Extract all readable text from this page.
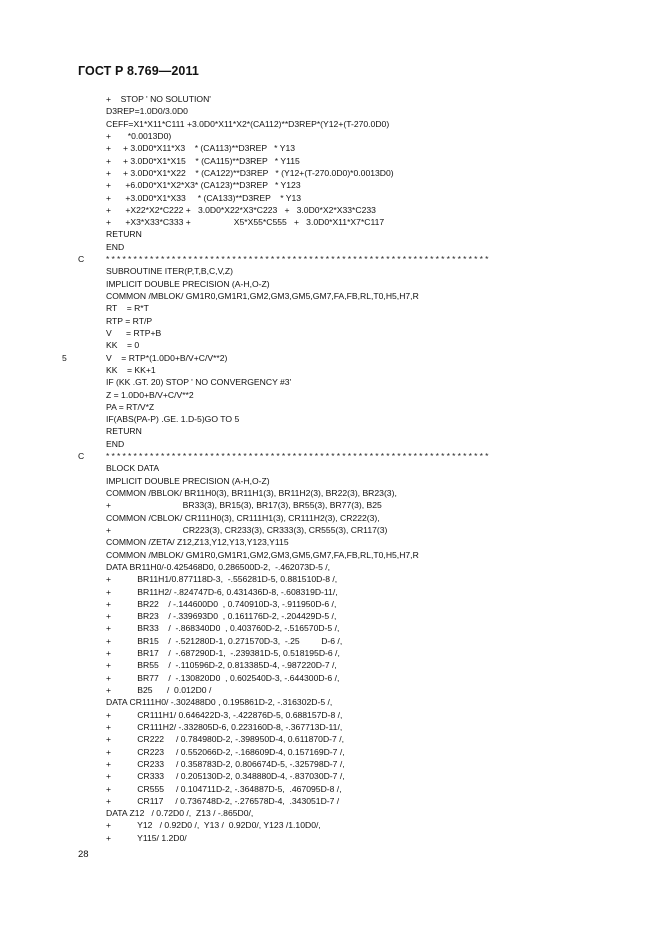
ГОСТ Р 8.769—2011
+    STOP ' NO SOLUTION'
D3REP=1.0D0/3.0D0
CEFF=X1*X11*C111 +3.0D0*X11*X2*(CA112)**D3REP*(Y12+(T-270.0D0)
+       *0.0013D0)
+     + 3.0D0*X11*X3    * (CA113)**D3REP   * Y13
+     + 3.0D0*X1*X15    * (CA115)**D3REP   * Y115
+     + 3.0D0*X1*X22    * (CA122)**D3REP   * (Y12+(T-270.0D0)*0.0013D0)
+      +6.0D0*X1*X2*X3* (CA123)**D3REP   * Y123
+      +3.0D0*X1*X33     * (CA133)**D3REP    * Y13
+      +X22*X2*C222 +   3.0D0*X22*X3*C223   +   3.0D0*X2*X33*C233
+      +X3*X33*C333 +                  X5*X55*C555   +   3.0D0*X11*X7*C117
RETURN
END
C	**********************************************************************
SUBROUTINE ITER(P,T,B,C,V,Z)
IMPLICIT DOUBLE PRECISION (A-H,O-Z)
COMMON /MBLOK/ GM1R0,GM1R1,GM2,GM3,GM5,GM7,FA,FB,RL,T0,H5,H7,R
RT    = R*T
RTP = RT/P
V      = RTP+B
KK    = 0
5	V    = RTP*(1.0D0+B/V+C/V**2)
KK    = KK+1
IF (KK .GT. 20) STOP ' NO CONVERGENCY #3'
Z = 1.0D0+B/V+C/V**2
PA = RT/V*Z
IF(ABS(PA-P) .GE. 1.D-5)GO TO 5
RETURN
END
C	**********************************************************************
BLOCK DATA
IMPLICIT DOUBLE PRECISION (A-H,O-Z)
COMMON /BBLOK/ BR11H0(3), BR11H1(3), BR11H2(3), BR22(3), BR23(3),
+                              BR33(3), BR15(3), BR17(3), BR55(3), BR77(3), B25
COMMON /CBLOK/ CR111H0(3), CR111H1(3), CR111H2(3), CR222(3),
+                              CR223(3), CR233(3), CR333(3), CR555(3), CR117(3)
COMMON /ZETA/ Z12,Z13,Y12,Y13,Y123,Y115
COMMON /MBLOK/ GM1R0,GM1R1,GM2,GM3,GM5,GM7,FA,FB,RL,T0,H5,H7,R
DATA BR11H0/-0.425468D0, 0.286500D-2,  -.462073D-5 /,
+           BR11H1/0.877118D-3,  -.556281D-5, 0.881510D-8 /,
+           BR11H2/ -.824747D-6, 0.431436D-8, -.608319D-11/,
+           BR22    / -.144600D0  , 0.740910D-3, -.911950D-6 /,
+           BR23    / -.339693D0  , 0.161176D-2, -.204429D-5 /,
+           BR33    /  -.868340D0  , 0.403760D-2, -.516570D-5 /,
+           BR15    /  -.521280D-1, 0.271570D-3,  -.25         D-6 /,
+           BR17    /  -.687290D-1,  -.239381D-5, 0.518195D-6 /,
+           BR55    /  -.110596D-2, 0.813385D-4, -.987220D-7 /,
+           BR77    /  -.130820D0  , 0.602540D-3, -.644300D-6 /,
+           B25      /  0.012D0 /
DATA CR111H0/ -.302488D0 , 0.195861D-2, -.316302D-5 /,
+           CR111H1/ 0.646422D-3, -.422876D-5, 0.688157D-8 /,
+           CR111H2/ -.332805D-6, 0.223160D-8, -.367713D-11/,
+           CR222     / 0.784980D-2, -.398950D-4, 0.611870D-7 /,
+           CR223     / 0.552066D-2, -.168609D-4, 0.157169D-7 /,
+           CR233     / 0.358783D-2, 0.806674D-5, -.325798D-7 /,
+           CR333     / 0.205130D-2, 0.348880D-4, -.837030D-7 /,
+           CR555     / 0.104711D-2, -.364887D-5,  .467095D-8 /,
+           CR117     / 0.736748D-2, -.276578D-4,  .343051D-7 /
DATA Z12   / 0.72D0 /,  Z13 / -.865D0/,
+           Y12   / 0.92D0 /,  Y13 /  0.92D0/, Y123 /1.10D0/,
+           Y115/ 1.2D0/
28
